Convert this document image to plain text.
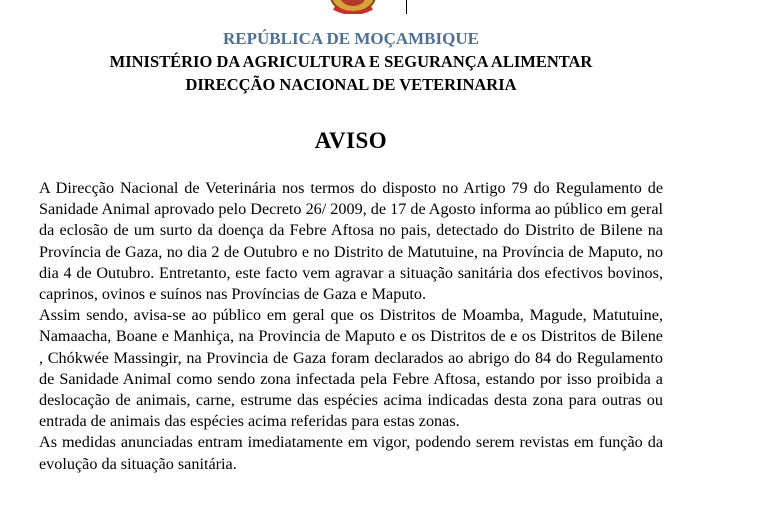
REPÚBLICA DE MOÇAMBIQUE
MINISTÉRIO DA AGRICULTURA E SEGURANÇA ALIMENTAR
DIRECÇÃO NACIONAL DE VETERINARIA
AVISO

A Direcção Nacional de Veterinária nos termos do disposto no Artigo 79 do Regulamento de Sanidade Animal aprovado pelo Decreto 26/ 2009, de 17 de Agosto informa ao público em geral da eclosão de um surto da doença da Febre Aftosa no pais, detectado do Distrito de Bilene na Província de Gaza, no dia 2 de Outubro e no Distrito de Matutuine, na Província de Maputo, no dia 4 de Outubro. Entretanto, este facto vem agravar a situação sanitária dos efectivos bovinos, caprinos, ovinos e suínos nas Províncias de Gaza e Maputo.

Assim sendo, avisa-se ao público em geral que os Distritos de Moamba, Magude, Matutuine, Namaacha, Boane e Manhiça, na Provincia de Maputo e os Distritos de e os Distritos de Bilene , Chókwée Massingir, na Provincia de Gaza foram declarados ao abrigo do 84 do Regulamento de Sanidade Animal como sendo zona infectada pela Febre Aftosa, estando por isso proibida a deslocação de animais, carne, estrume das espécies acima indicadas desta zona para outras ou entrada de animais das espécies acima referidas para estas zonas.

As medidas anunciadas entram imediatamente em vigor, podendo serem revistas em função da evolução da situação sanitária.
